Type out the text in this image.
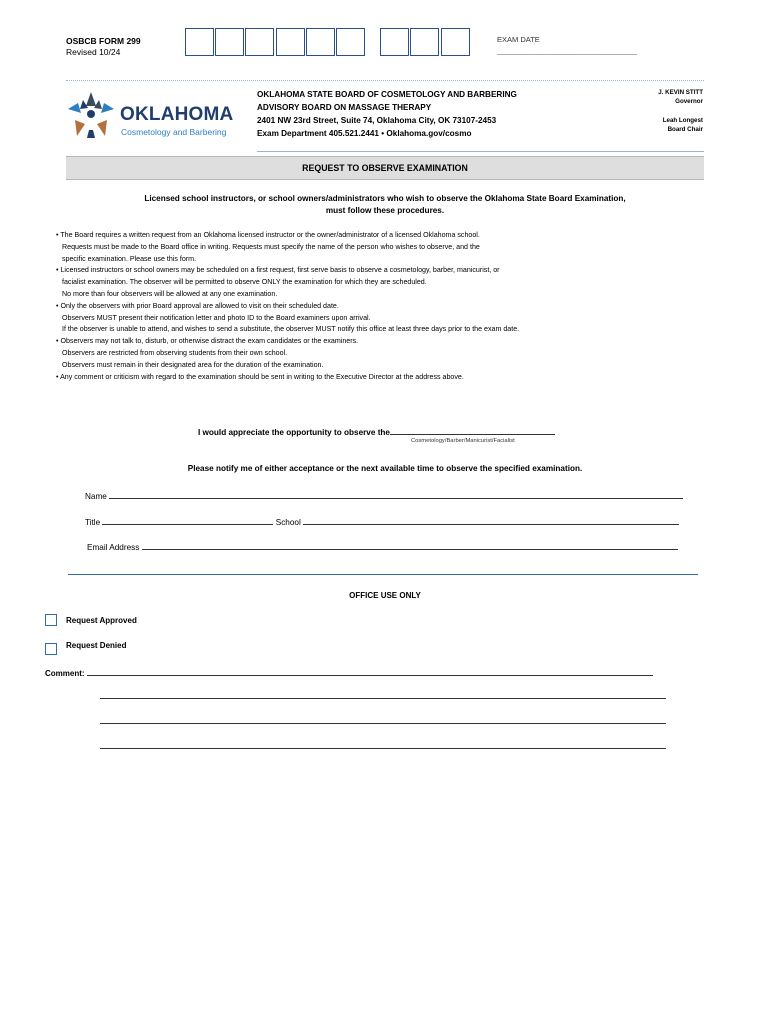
OSBCB FORM 299
Revised 10/24
EXAM DATE
______________________________________
OKLAHOMA
Cosmetology and Barbering
OKLAHOMA STATE BOARD OF COSMETOLOGY AND BARBERING
ADVISORY BOARD ON MASSAGE THERAPY
2401 NW 23rd Street, Suite 74, Oklahoma City, OK 73107-2453
Exam Department 405.521.2441 • Oklahoma.gov/cosmo
J. KEVIN STITT
Governor
Leah Longest
Board Chair
REQUEST TO OBSERVE EXAMINATION
Licensed school instructors, or school owners/administrators who wish to observe the Oklahoma State Board Examination,
must follow these procedures.
• The Board requires a written request from an Oklahoma licensed instructor or the owner/administrator of a licensed Oklahoma school.
Requests must be made to the Board office in writing. Requests must specify the name of the person who wishes to observe, and the
specific examination. Please use this form.
• Licensed instructors or school owners may be scheduled on a first request, first serve basis to observe a cosmetology, barber, manicurist, or
facialist examination. The observer will be permitted to observe ONLY the examination for which they are scheduled.
No more than four observers will be allowed at any one examination.
• Only the observers with prior Board approval are allowed to visit on their scheduled date.
Observers MUST present their notification letter and photo ID to the Board examiners upon arrival.
If the observer is unable to attend, and wishes to send a substitute, the observer MUST notify this office at least three days prior to the exam date.
• Observers may not talk to, disturb, or otherwise distract the exam candidates or the examiners.
Observers are restricted from observing students from their own school.
Observers must remain in their designated area for the duration of the examination.
• Any comment or criticism with regard to the examination should be sent in writing to the Executive Director at the address above.
I would appreciate the opportunity to observe the
Cosmetology/Barber/Manicurist/Facialist
Please notify me of either acceptance or the next available time to observe the specified examination.
Name
Title	School
Email Address
OFFICE USE ONLY
Request Approved
Request Denied
Comment:
